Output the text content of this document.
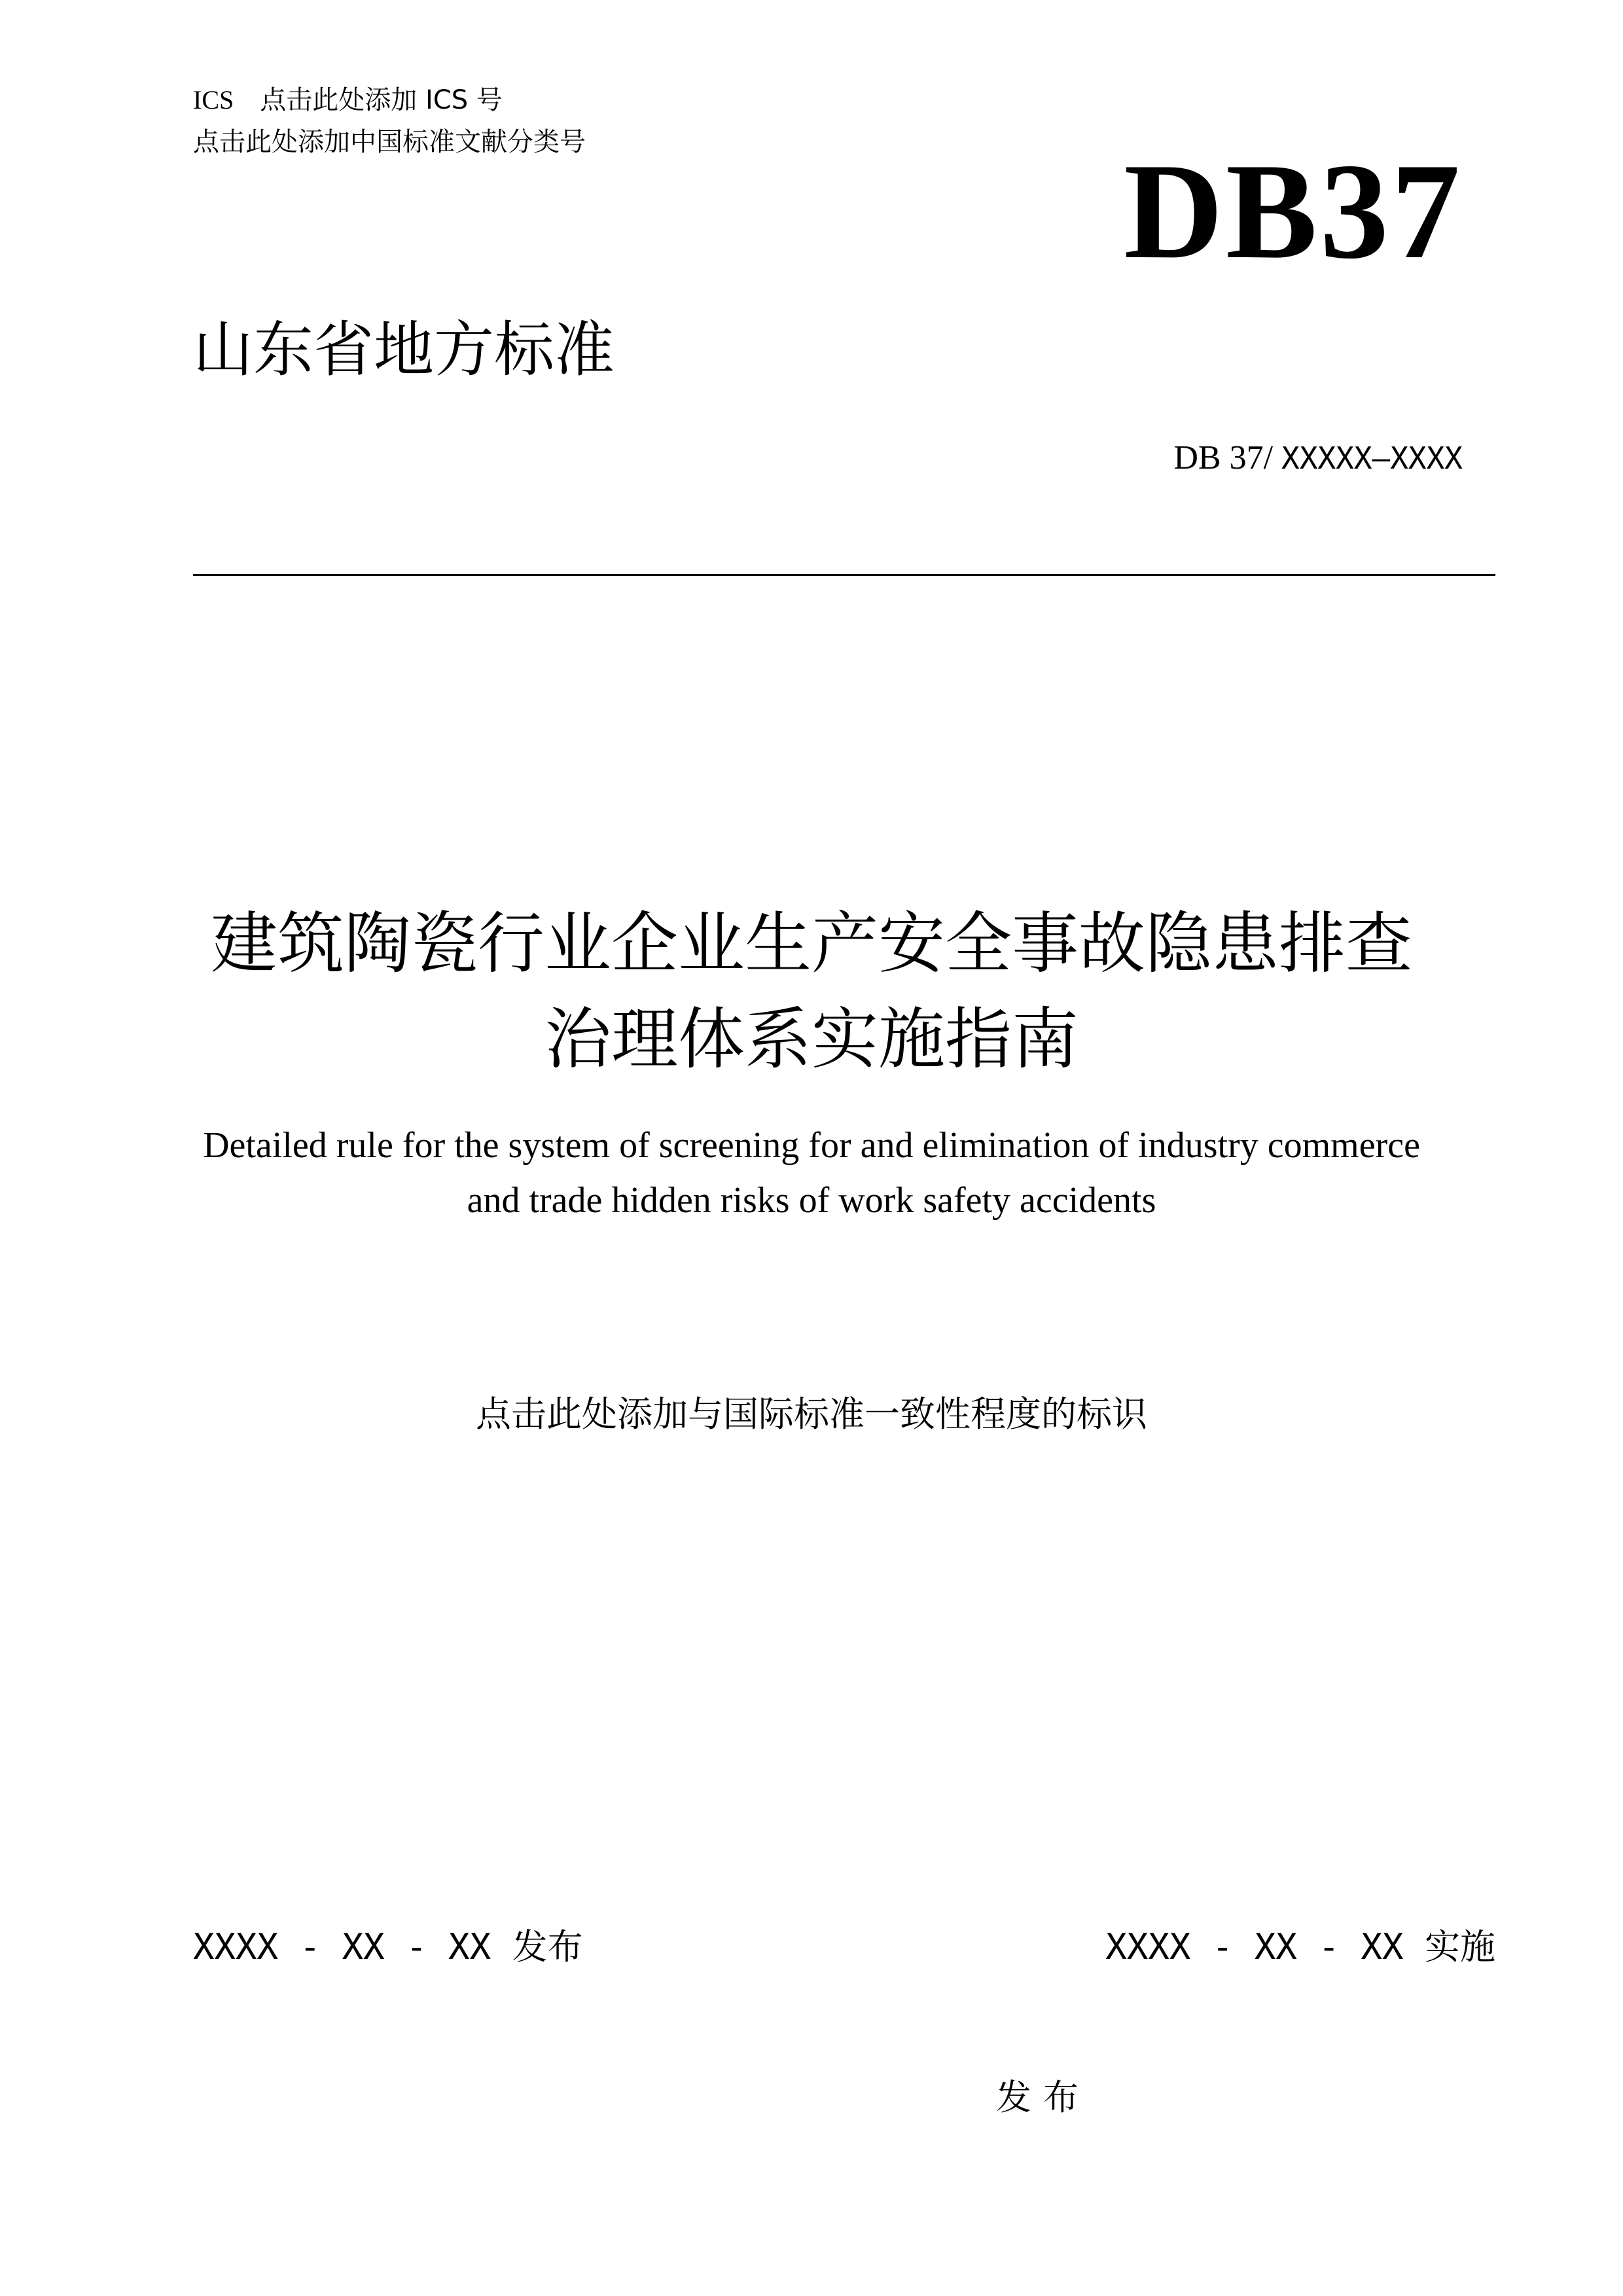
ICS 点击此处添加 ICS 号
点击此处添加中国标准文献分类号	DB37
山东省地方标准
DB 37/ XXXXX—XXXX
建筑陶瓷行业企业生产安全事故隐患排查
治理体系实施指南
Detailed rule for the system of screening for and elimination of industry commerce
and trade hidden risks of work safety accidents
点击此处添加与国际标准一致性程度的标识
XXXX - XX - XX 发布	XXXX - XX - XX 实施
发布
